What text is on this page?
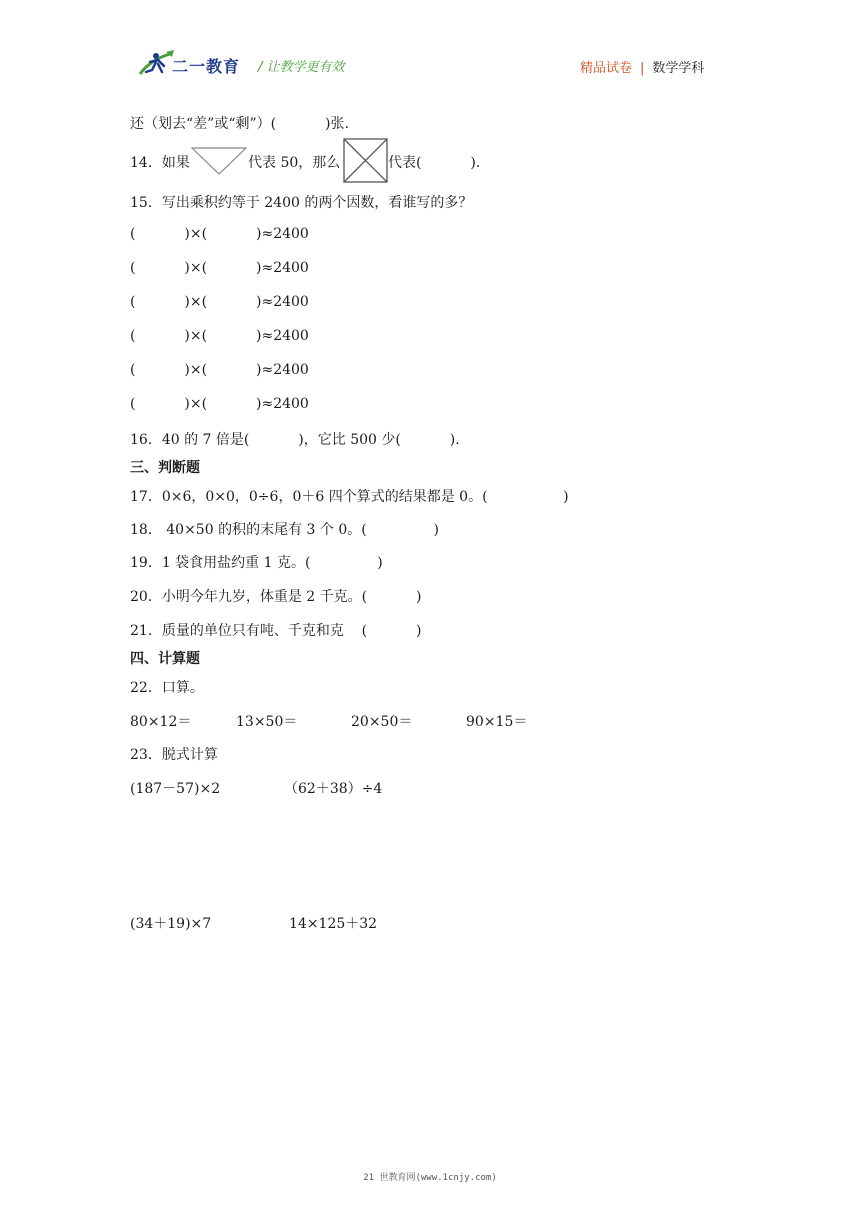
二一教育 / 让教学更有效	精品试卷 | 数学学科
还（划去“差”或“剩”）(           )张.
14．如果	代表 50，那么	代表(           ).
15．写出乘积约等于 2400 的两个因数，看谁写的多？
(           )×(           )≈2400
(           )×(           )≈2400
(           )×(           )≈2400
(           )×(           )≈2400
(           )×(           )≈2400
(           )×(           )≈2400
16．40 的 7 倍是(           )，它比 500 少(           ).
三、判断题
17．0×6，0×0，0÷6，0＋6 四个算式的结果都是 0。(                 )
18． 40×50 的积的末尾有 3 个 0。(               )
19．1 袋食用盐约重 1 克。(               )
20．小明今年九岁，体重是 2 千克。(           )
21．质量的单位只有吨、千克和克    (           )
四、计算题
22．口算。
80×12＝	13×50＝	20×50＝	90×15＝
23．脱式计算
(187－57)×2	（62＋38）÷4
(34＋19)×7	14×125＋32
21 世教育网(www.1cnjy.com)
